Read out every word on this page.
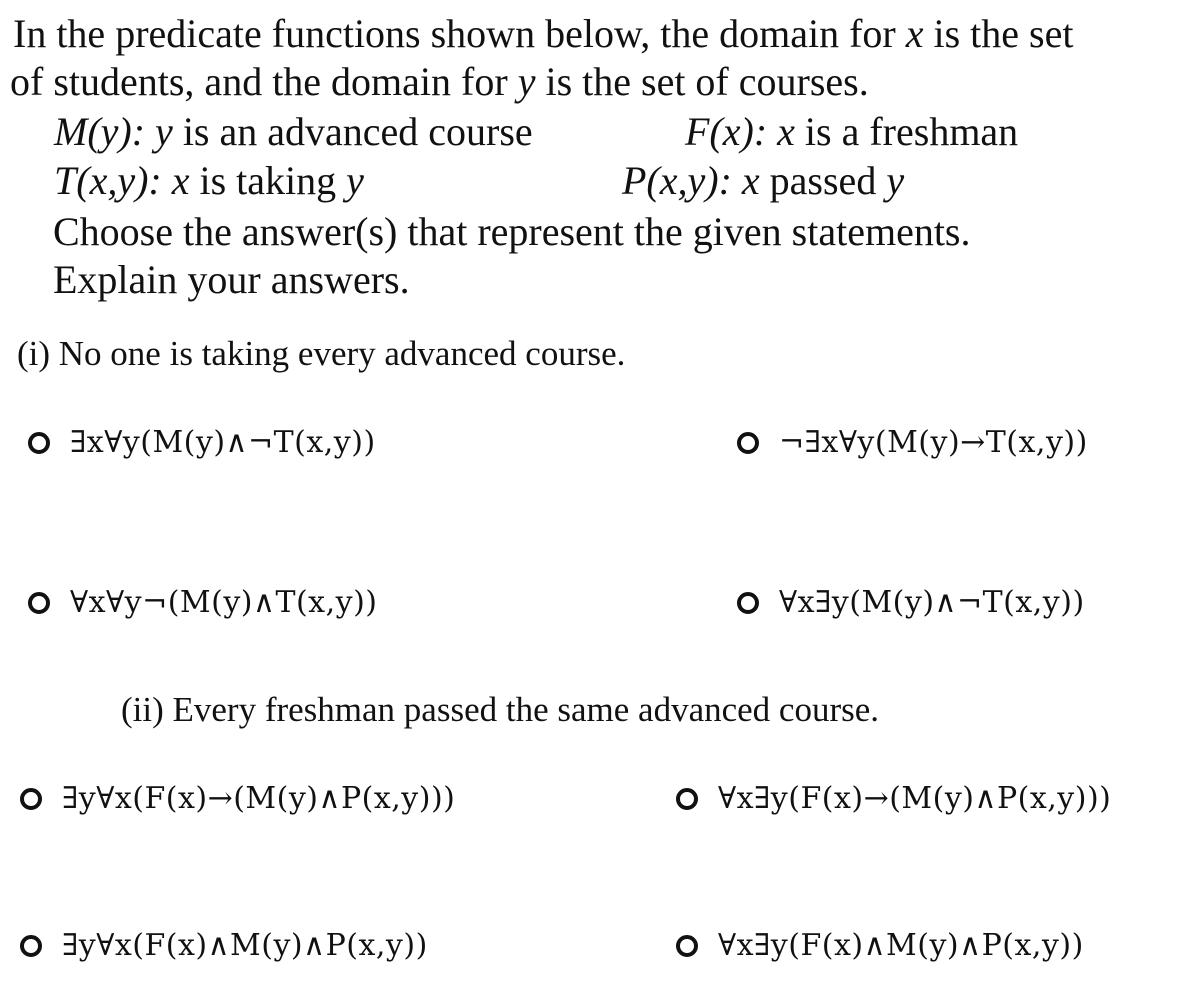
In the predicate functions shown below, the domain for x is the set
of students, and the domain for y is the set of courses.
M(y): y is an advanced course	F(x): x is a freshman
T(x,y): x is taking y	P(x,y): x passed y
Choose the answer(s) that represent the given statements.
Explain your answers.
(i) No one is taking every advanced course.
∃x∀y(M(y)∧¬T(x,y))	¬∃x∀y(M(y)→T(x,y))
∀x∀y¬(M(y)∧T(x,y))	∀x∃y(M(y)∧¬T(x,y))
(ii) Every freshman passed the same advanced course.
∃y∀x(F(x)→(M(y)∧P(x,y)))	∀x∃y(F(x)→(M(y)∧P(x,y)))
∃y∀x(F(x)∧M(y)∧P(x,y))	∀x∃y(F(x)∧M(y)∧P(x,y))
